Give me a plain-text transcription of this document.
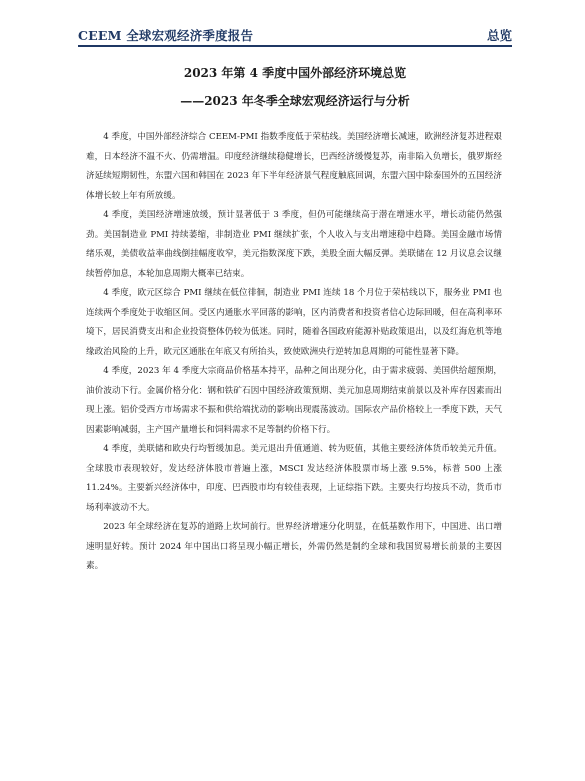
CEEM 全球宏观经济季度报告	总览
2023 年第 4 季度中国外部经济环境总览
——2023 年冬季全球宏观经济运行与分析

4 季度，中国外部经济综合 CEEM-PMI 指数季度低于荣枯线。美国经济增长减速，欧洲经济复苏进程艰难，日本经济不温不火、仍需增温。印度经济继续稳健增长，巴西经济缓慢复苏，南非陷入负增长，俄罗斯经济延续短期韧性，东盟六国和韩国在 2023 年下半年经济景气程度触底回调，东盟六国中除泰国外的五国经济体增长较上年有所放缓。

4 季度，美国经济增速放缓，预计显著低于 3 季度，但仍可能继续高于潜在增速水平，增长动能仍然强劲。美国制造业 PMI 持续萎缩，非制造业 PMI 继续扩张，个人收入与支出增速稳中趋降。美国金融市场情绪乐观，美债收益率曲线倒挂幅度收窄，美元指数深度下跌，美股全面大幅反弹。美联储在 12 月议息会议继续暂停加息，本轮加息周期大概率已结束。

4 季度，欧元区综合 PMI 继续在低位徘徊，制造业 PMI 连续 18 个月位于荣枯线以下，服务业 PMI 也连续两个季度处于收缩区间。受区内通胀水平回落的影响，区内消费者和投资者信心边际回暖，但在高利率环境下，居民消费支出和企业投资整体仍较为低迷。同时，随着各国政府能源补贴政策退出，以及红海危机等地缘政治风险的上升，欧元区通胀在年底又有所抬头，致使欧洲央行逆转加息周期的可能性显著下降。

4 季度，2023 年 4 季度大宗商品价格基本持平，品种之间出现分化，由于需求疲弱、美国供给超预期，油价波动下行。金属价格分化：钢和铁矿石因中国经济政策预期、美元加息周期结束前景以及补库存因素而出现上涨。铝价受西方市场需求不振和供给端扰动的影响出现震荡波动。国际农产品价格较上一季度下跌，天气因素影响减弱，主产国产量增长和饲料需求不足等制约价格下行。

4 季度，美联储和欧央行均暂缓加息。美元退出升值通道、转为贬值，其他主要经济体货币较美元升值。全球股市表现较好，发达经济体股市普遍上涨，MSCI 发达经济体股票市场上涨 9.5%，标普 500 上涨 11.24%。主要新兴经济体中，印度、巴西股市均有较佳表现，上证综指下跌。主要央行均按兵不动，货币市场利率波动不大。

2023 年全球经济在复苏的道路上坎坷前行。世界经济增速分化明显，在低基数作用下，中国进、出口增速明显好转。预计 2024 年中国出口将呈现小幅正增长，外需仍然是制约全球和我国贸易增长前景的主要因素。
